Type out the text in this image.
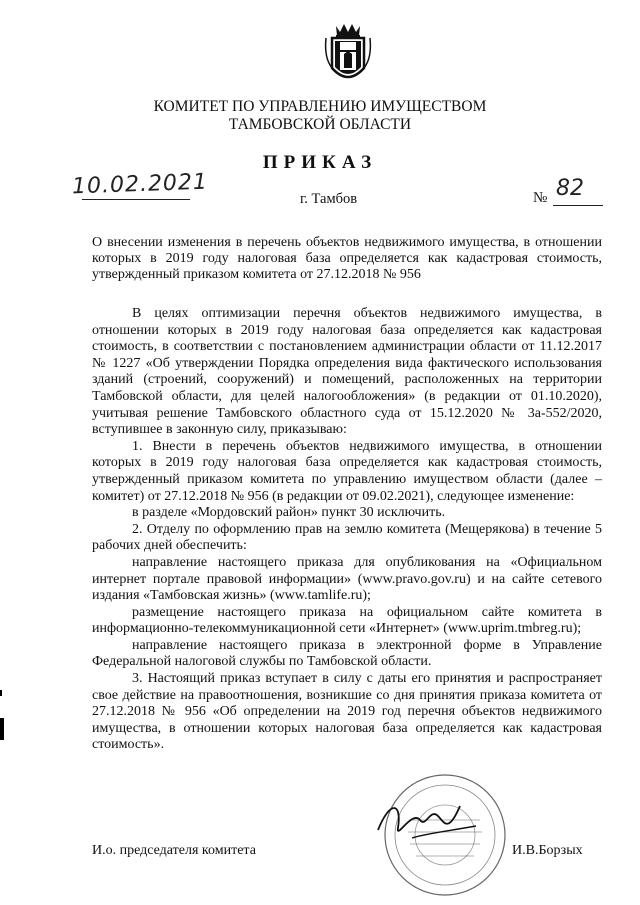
КОМИТЕТ ПО УПРАВЛЕНИЮ ИМУЩЕСТВОМ
ТАМБОВСКОЙ ОБЛАСТИ
ПРИКАЗ
10.02.2021	г. Тамбов	№ 82
О внесении изменения в перечень объектов недвижимого имущества, в отношении которых в 2019 году налоговая база определяется как кадастровая стоимость, утвержденный приказом комитета от 27.12.2018 № 956

В целях оптимизации перечня объектов недвижимого имущества, в отношении которых в 2019 году налоговая база определяется как кадастровая стоимость, в соответствии с постановлением администрации области от 11.12.2017 № 1227 «Об утверждении Порядка определения вида фактического использования зданий (строений, сооружений) и помещений, расположенных на территории Тамбовской области, для целей налогообложения» (в редакции от 01.10.2020), учитывая решение Тамбовского областного суда от 15.12.2020 № 3а-552/2020, вступившее в законную силу, приказываю:

1. Внести в перечень объектов недвижимого имущества, в отношении которых в 2019 году налоговая база определяется как кадастровая стоимость, утвержденный приказом комитета по управлению имуществом области (далее – комитет) от 27.12.2018 № 956 (в редакции от 09.02.2021), следующее изменение:

в разделе «Мордовский район» пункт 30 исключить.

2. Отделу по оформлению прав на землю комитета (Мещерякова) в течение 5 рабочих дней обеспечить:

направление настоящего приказа для опубликования на «Официальном интернет портале правовой информации» (www.pravo.gov.ru) и на сайте сетевого издания «Тамбовская жизнь» (www.tamlife.ru);

размещение настоящего приказа на официальном сайте комитета в информационно-телекоммуникационной сети «Интернет» (www.uprim.tmbreg.ru);

направление настоящего приказа в электронной форме в Управление Федеральной налоговой службы по Тамбовской области.

3. Настоящий приказ вступает в силу с даты его принятия и распространяет свое действие на правоотношения, возникшие со дня принятия приказа комитета от 27.12.2018 № 956 «Об определении на 2019 год перечня объектов недвижимого имущества, в отношении которых налоговая база определяется как кадастровая стоимость».

И.о. председателя комитета	И.В.Борзых
